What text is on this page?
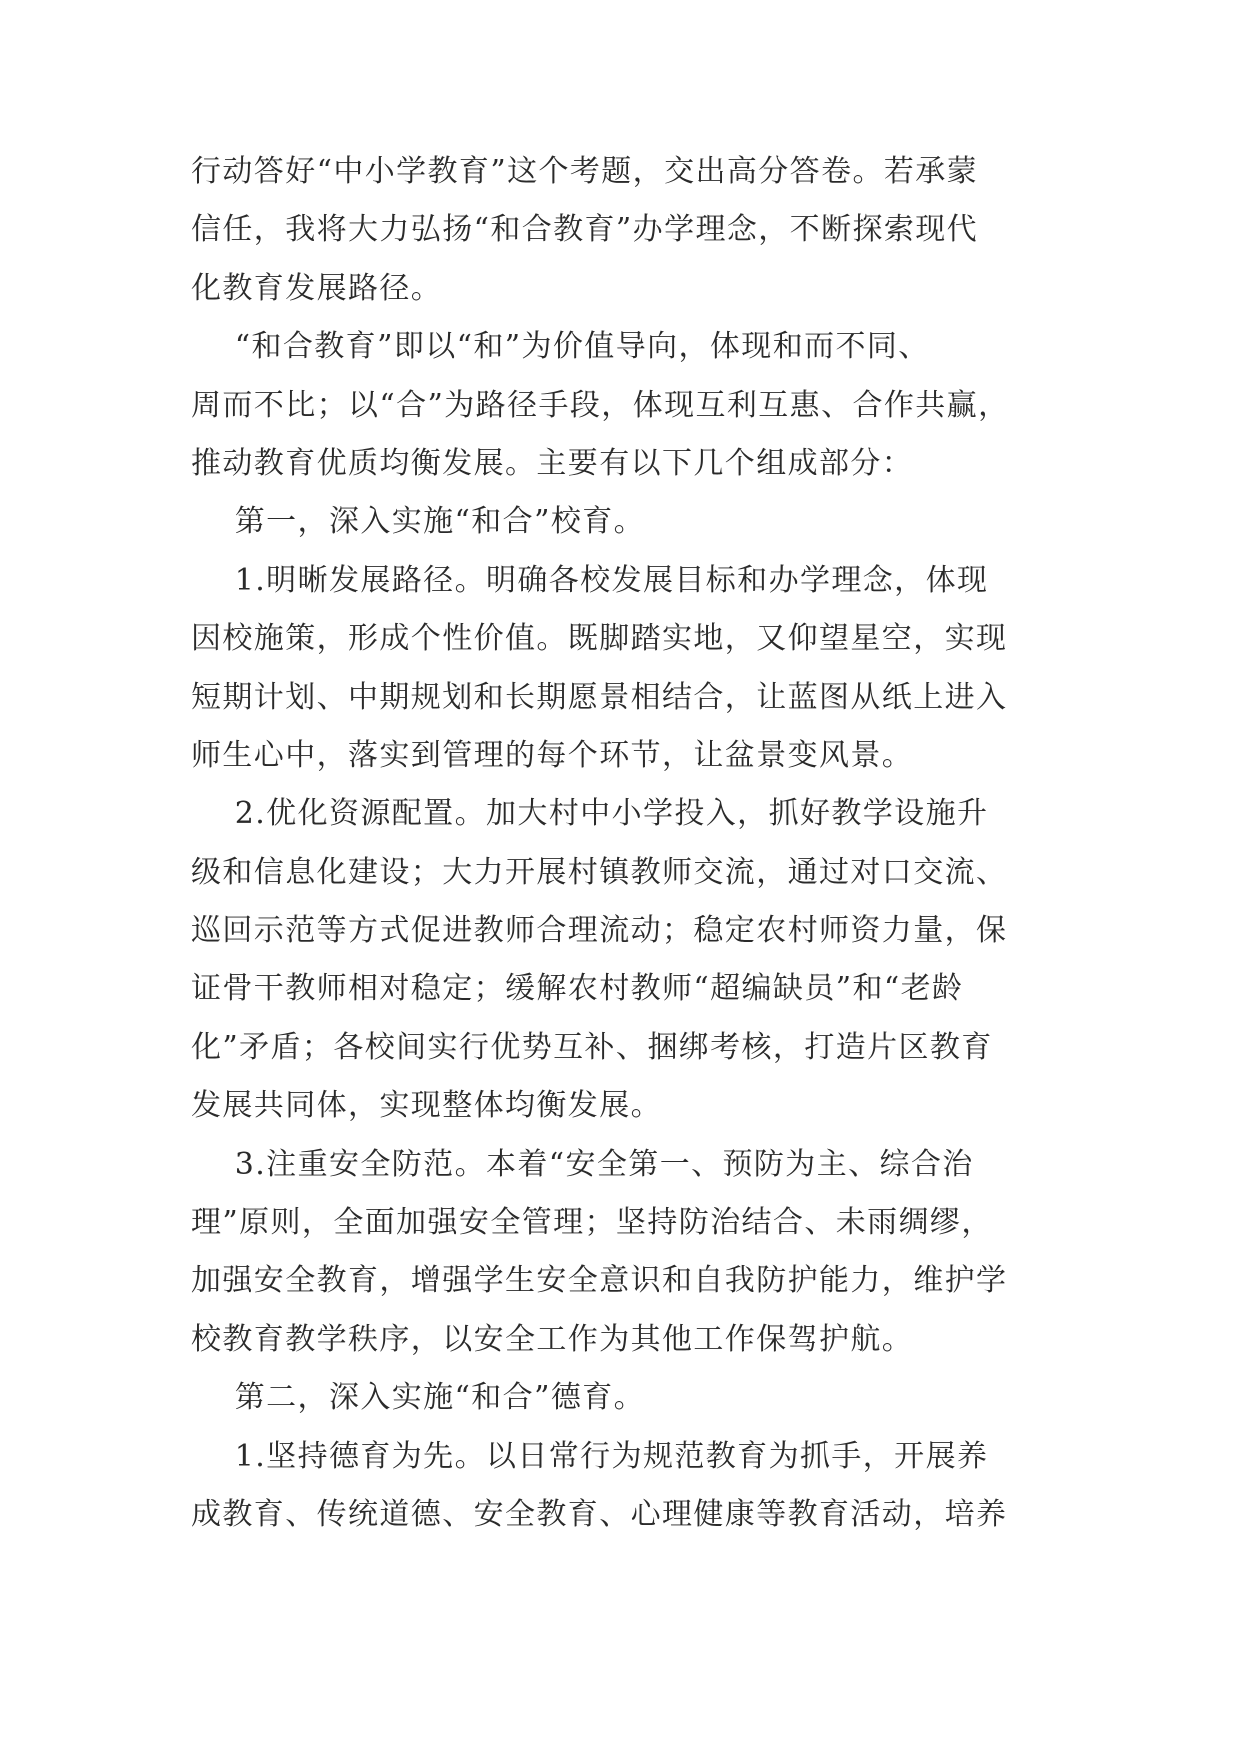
行动答好“中小学教育”这个考题，交出高分答卷。若承蒙
信任，我将大力弘扬“和合教育”办学理念，不断探索现代
化教育发展路径。
“和合教育”即以“和”为价值导向，体现和而不同、
周而不比；以“合”为路径手段，体现互利互惠、合作共赢，
推动教育优质均衡发展。主要有以下几个组成部分：
第一，深入实施“和合”校育。
1.明晰发展路径。明确各校发展目标和办学理念，体现
因校施策，形成个性价值。既脚踏实地，又仰望星空，实现
短期计划、中期规划和长期愿景相结合，让蓝图从纸上进入
师生心中，落实到管理的每个环节，让盆景变风景。
2.优化资源配置。加大村中小学投入，抓好教学设施升
级和信息化建设；大力开展村镇教师交流，通过对口交流、
巡回示范等方式促进教师合理流动；稳定农村师资力量，保
证骨干教师相对稳定；缓解农村教师“超编缺员”和“老龄
化”矛盾；各校间实行优势互补、捆绑考核，打造片区教育
发展共同体，实现整体均衡发展。
3.注重安全防范。本着“安全第一、预防为主、综合治
理”原则，全面加强安全管理；坚持防治结合、未雨绸缪，
加强安全教育，增强学生安全意识和自我防护能力，维护学
校教育教学秩序，以安全工作为其他工作保驾护航。
第二，深入实施“和合”德育。
1.坚持德育为先。以日常行为规范教育为抓手，开展养
成教育、传统道德、安全教育、心理健康等教育活动，培养
